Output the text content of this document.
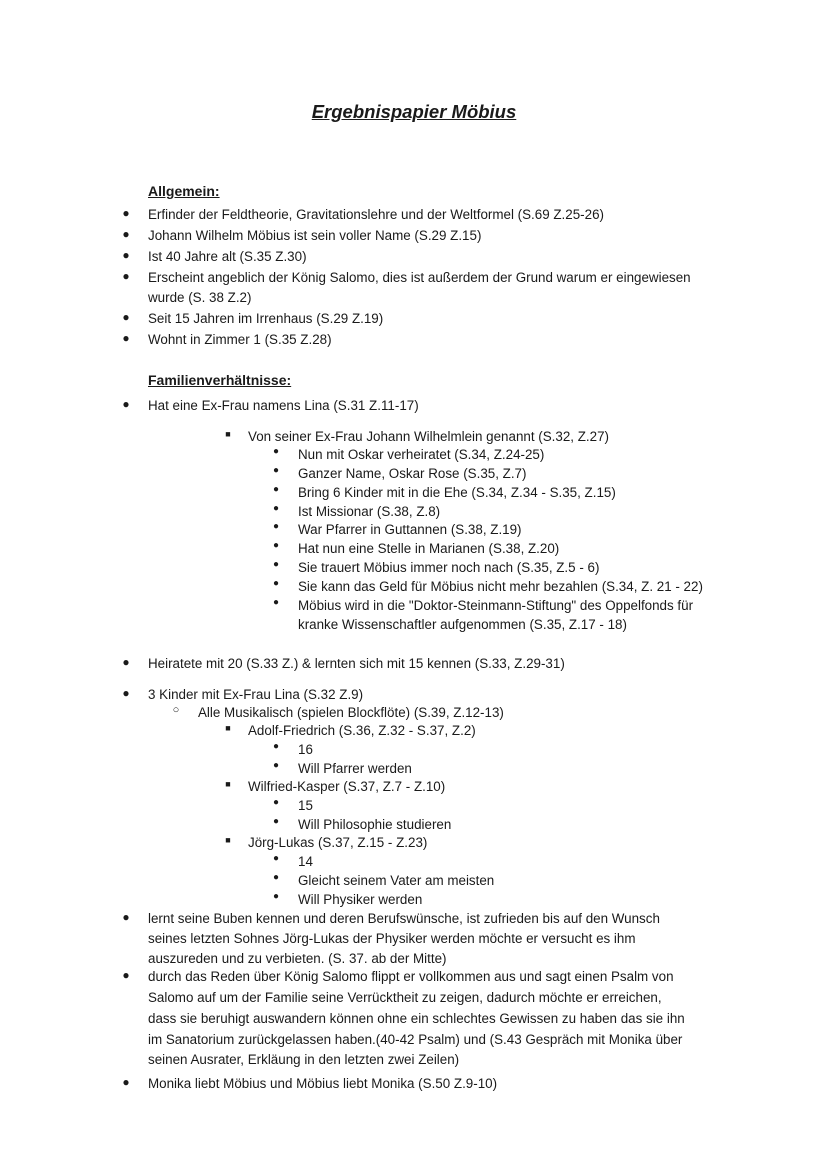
Ergebnispapier Möbius
Allgemein:
● Erfinder der Feldtheorie, Gravitationslehre und der Weltformel (S.69 Z.25-26)
● Johann Wilhelm Möbius ist sein voller Name (S.29 Z.15)
● Ist 40 Jahre alt (S.35 Z.30)
● Erscheint angeblich der König Salomo, dies ist außerdem der Grund warum er eingewiesen
wurde (S. 38 Z.2)
● Seit 15 Jahren im Irrenhaus (S.29 Z.19)
● Wohnt in Zimmer 1 (S.35 Z.28)
Familienverhältnisse:
● Hat eine Ex-Frau namens Lina (S.31 Z.11-17)
■ Von seiner Ex-Frau Johann Wilhelmlein genannt (S.32, Z.27)
● Nun mit Oskar verheiratet (S.34, Z.24-25)
● Ganzer Name, Oskar Rose (S.35, Z.7)
● Bring 6 Kinder mit in die Ehe (S.34, Z.34 - S.35, Z.15)
● Ist Missionar (S.38, Z.8)
● War Pfarrer in Guttannen (S.38, Z.19)
● Hat nun eine Stelle in Marianen (S.38, Z.20)
● Sie trauert Möbius immer noch nach (S.35, Z.5 - 6)
● Sie kann das Geld für Möbius nicht mehr bezahlen (S.34, Z. 21 - 22)
● Möbius wird in die "Doktor-Steinmann-Stiftung" des Oppelfonds für
kranke Wissenschaftler aufgenommen (S.35, Z.17 - 18)
● Heiratete mit 20 (S.33 Z.) & lernten sich mit 15 kennen (S.33, Z.29-31)
● 3 Kinder mit Ex-Frau Lina (S.32 Z.9)
○ Alle Musikalisch (spielen Blockflöte) (S.39, Z.12-13)
■ Adolf-Friedrich (S.36, Z.32 - S.37, Z.2)
● 16
● Will Pfarrer werden
■ Wilfried-Kasper (S.37, Z.7 - Z.10)
● 15
● Will Philosophie studieren
■ Jörg-Lukas (S.37, Z.15 - Z.23)
● 14
● Gleicht seinem Vater am meisten
● Will Physiker werden
● lernt seine Buben kennen und deren Berufswünsche, ist zufrieden bis auf den Wunsch
seines letzten Sohnes Jörg-Lukas der Physiker werden möchte er versucht es ihm
auszureden und zu verbieten. (S. 37. ab der Mitte)
● durch das Reden über König Salomo flippt er vollkommen aus und sagt einen Psalm von
Salomo auf um der Familie seine Verrücktheit zu zeigen, dadurch möchte er erreichen,
dass sie beruhigt auswandern können ohne ein schlechtes Gewissen zu haben das sie ihn
im Sanatorium zurückgelassen haben.(40-42 Psalm) und (S.43 Gespräch mit Monika über
seinen Ausrater, Erkläung in den letzten zwei Zeilen)
● Monika liebt Möbius und Möbius liebt Monika (S.50 Z.9-10)
